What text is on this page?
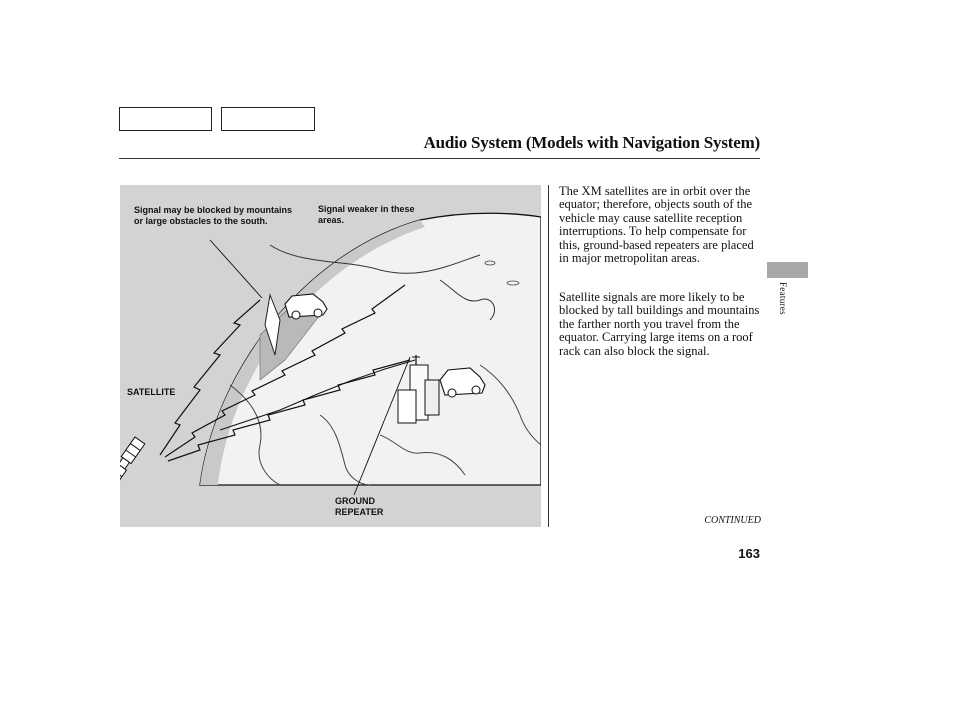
Audio System (Models with Navigation System)
Signal may be blocked by mountains or large obstacles to the south.
Signal weaker in these areas.
SATELLITE
GROUND REPEATER

The XM satellites are in orbit over the equator; therefore, objects south of the vehicle may cause satellite reception interruptions. To help compensate for this, ground-based repeaters are placed in major metropolitan areas.

Satellite signals are more likely to be blocked by tall buildings and mountains the farther north you travel from the equator. Carrying large items on a roof rack can also block the signal.

CONTINUED
163
Features
